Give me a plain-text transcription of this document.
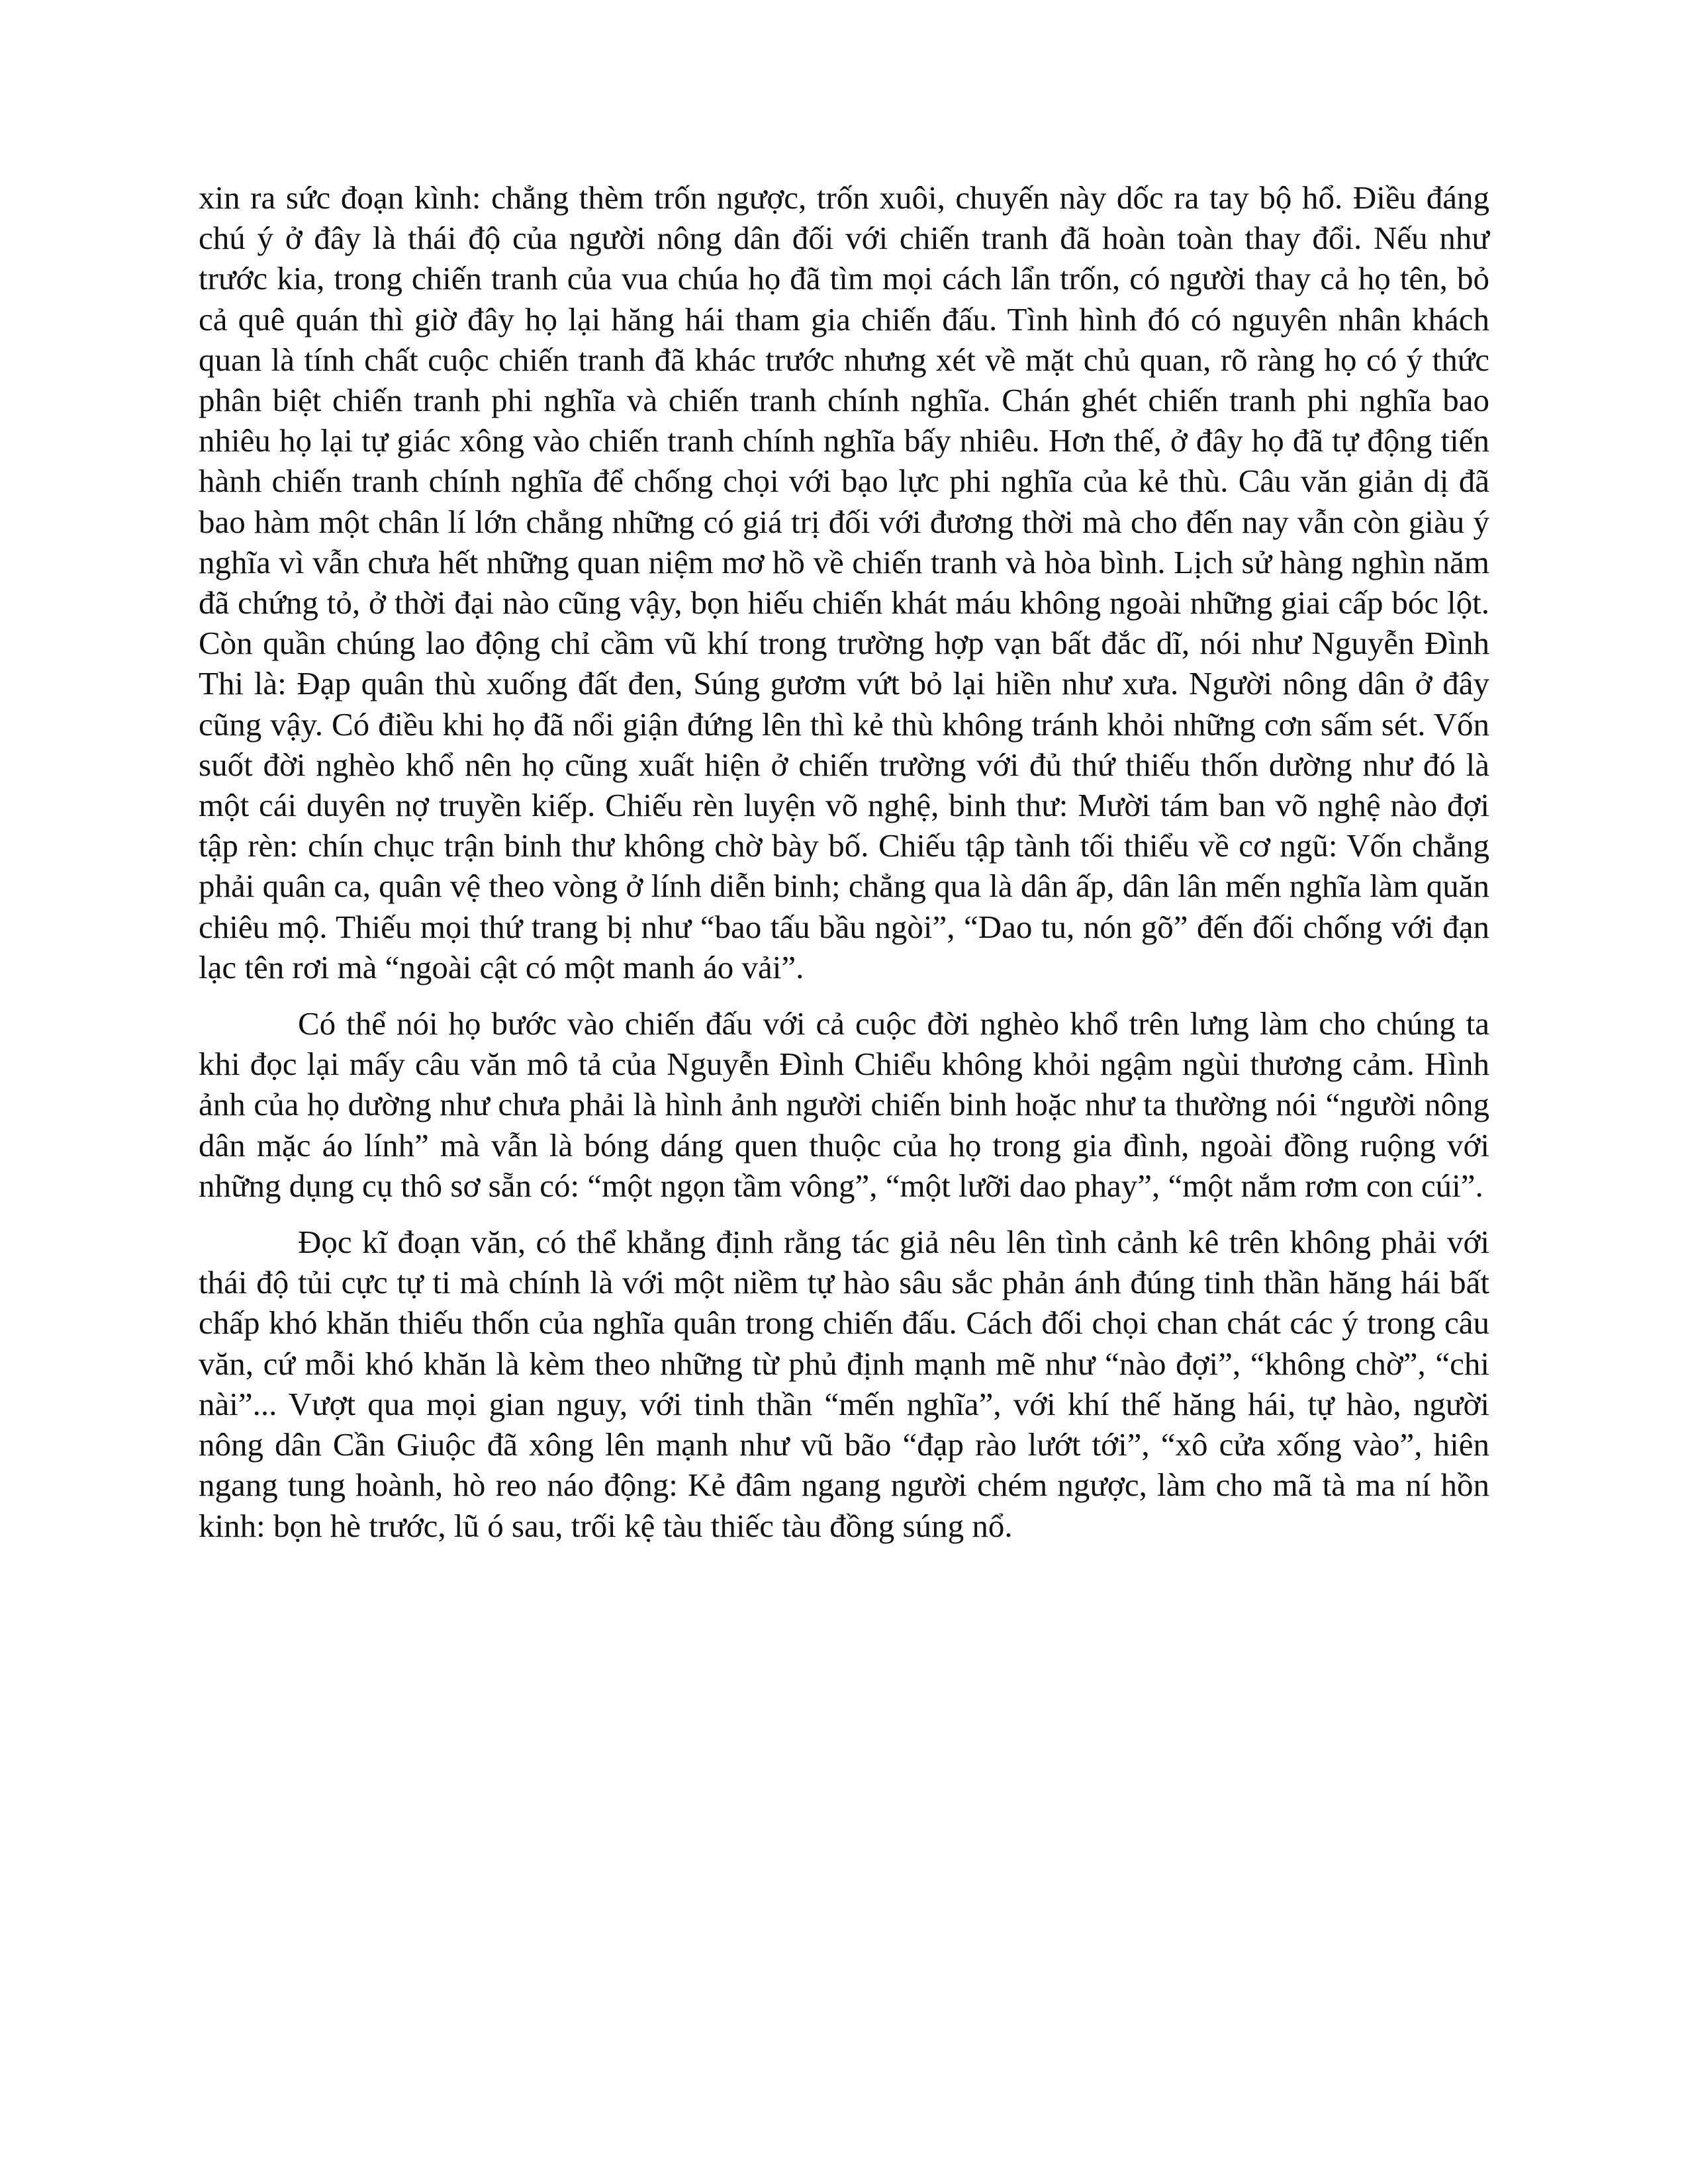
xin ra sức đoạn kình: chẳng thèm trốn ngược, trốn xuôi, chuyến này dốc ra tay bộ hổ. Điều đáng chú ý ở đây là thái độ của người nông dân đối với chiến tranh đã hoàn toàn thay đổi. Nếu như trước kia, trong chiến tranh của vua chúa họ đã tìm mọi cách lẩn trốn, có người thay cả họ tên, bỏ cả quê quán thì giờ đây họ lại hăng hái tham gia chiến đấu. Tình hình đó có nguyên nhân khách quan là tính chất cuộc chiến tranh đã khác trước nhưng xét về mặt chủ quan, rõ ràng họ có ý thức phân biệt chiến tranh phi nghĩa và chiến tranh chính nghĩa. Chán ghét chiến tranh phi nghĩa bao nhiêu họ lại tự giác xông vào chiến tranh chính nghĩa bấy nhiêu. Hơn thế, ở đây họ đã tự động tiến hành chiến tranh chính nghĩa để chống chọi với bạo lực phi nghĩa của kẻ thù. Câu văn giản dị đã bao hàm một chân lí lớn chẳng những có giá trị đối với đương thời mà cho đến nay vẫn còn giàu ý nghĩa vì vẫn chưa hết những quan niệm mơ hồ về chiến tranh và hòa bình. Lịch sử hàng nghìn năm đã chứng tỏ, ở thời đại nào cũng vậy, bọn hiếu chiến khát máu không ngoài những giai cấp bóc lột. Còn quần chúng lao động chỉ cầm vũ khí trong trường hợp vạn bất đắc dĩ, nói như Nguyễn Đình Thi là: Đạp quân thù xuống đất đen, Súng gươm vứt bỏ lại hiền như xưa. Người nông dân ở đây cũng vậy. Có điều khi họ đã nổi giận đứng lên thì kẻ thù không tránh khỏi những cơn sấm sét. Vốn suốt đời nghèo khổ nên họ cũng xuất hiện ở chiến trường với đủ thứ thiếu thốn dường như đó là một cái duyên nợ truyền kiếp. Chiếu rèn luyện võ nghệ, binh thư: Mười tám ban võ nghệ nào đợi tập rèn: chín chục trận binh thư không chờ bày bố. Chiếu tập tành tối thiểu về cơ ngũ: Vốn chẳng phải quân ca, quân vệ theo vòng ở lính diễn binh; chẳng qua là dân ấp, dân lân mến nghĩa làm quăn chiêu mộ. Thiếu mọi thứ trang bị như “bao tấu bầu ngòi”, “Dao tu, nón gõ” đến đối chống với đạn lạc tên rơi mà “ngoài cật có một manh áo vải”.

Có thể nói họ bước vào chiến đấu với cả cuộc đời nghèo khổ trên lưng làm cho chúng ta khi đọc lại mấy câu văn mô tả của Nguyễn Đình Chiểu không khỏi ngậm ngùi thương cảm. Hình ảnh của họ dường như chưa phải là hình ảnh người chiến binh hoặc như ta thường nói “người nông dân mặc áo lính” mà vẫn là bóng dáng quen thuộc của họ trong gia đình, ngoài đồng ruộng với những dụng cụ thô sơ sẵn có: “một ngọn tầm vông”, “một lưỡi dao phay”, “một nắm rơm con cúi”.

Đọc kĩ đoạn văn, có thể khẳng định rằng tác giả nêu lên tình cảnh kê trên không phải với thái độ tủi cực tự ti mà chính là với một niềm tự hào sâu sắc phản ánh đúng tinh thần hăng hái bất chấp khó khăn thiếu thốn của nghĩa quân trong chiến đấu. Cách đối chọi chan chát các ý trong câu văn, cứ mỗi khó khăn là kèm theo những từ phủ định mạnh mẽ như “nào đợi”, “không chờ”, “chi nài”... Vượt qua mọi gian nguy, với tinh thần “mến nghĩa”, với khí thế hăng hái, tự hào, người nông dân Cần Giuộc đã xông lên mạnh như vũ bão “đạp rào lướt tới”, “xô cửa xống vào”, hiên ngang tung hoành, hò reo náo động: Kẻ đâm ngang người chém ngược, làm cho mã tà ma ní hồn kinh: bọn hè trước, lũ ó sau, trối kệ tàu thiếc tàu đồng súng nổ.
